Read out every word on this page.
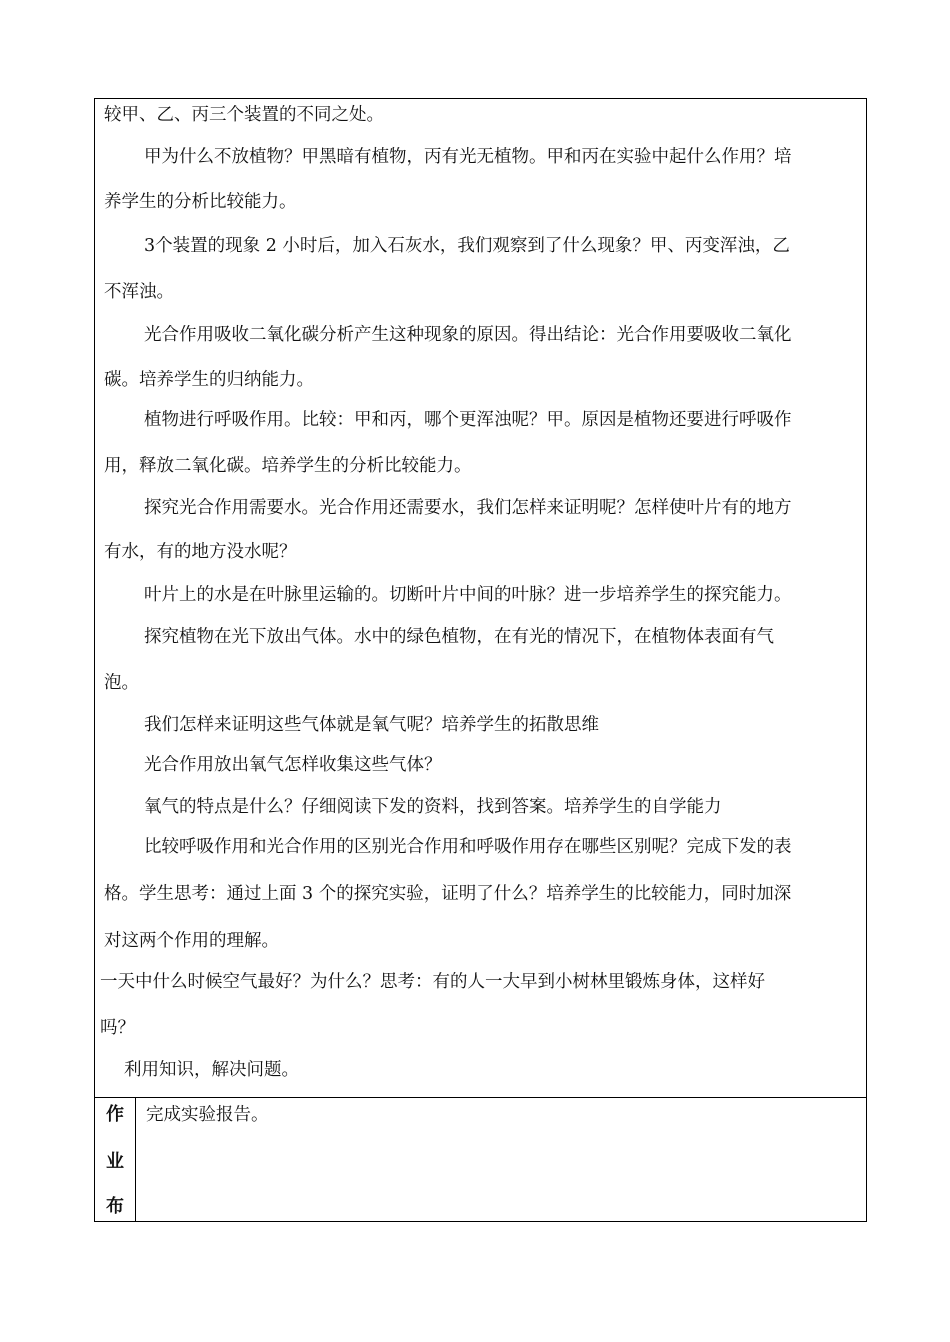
较甲、乙、丙三个装置的不同之处。
甲为什么不放植物？甲黑暗有植物，丙有光无植物。甲和丙在实验中起什么作用？培
养学生的分析比较能力。
3个装置的现象 2 小时后，加入石灰水，我们观察到了什么现象？甲、丙变浑浊，乙
不浑浊。
光合作用吸收二氧化碳分析产生这种现象的原因。得出结论：光合作用要吸收二氧化
碳。培养学生的归纳能力。
植物进行呼吸作用。比较：甲和丙，哪个更浑浊呢？甲。原因是植物还要进行呼吸作
用，释放二氧化碳。培养学生的分析比较能力。
探究光合作用需要水。光合作用还需要水，我们怎样来证明呢？怎样使叶片有的地方
有水，有的地方没水呢？
叶片上的水是在叶脉里运输的。切断叶片中间的叶脉？进一步培养学生的探究能力。
探究植物在光下放出气体。水中的绿色植物，在有光的情况下，在植物体表面有气
泡。
我们怎样来证明这些气体就是氧气呢？培养学生的拓散思维
光合作用放出氧气怎样收集这些气体？
氧气的特点是什么？仔细阅读下发的资料，找到答案。培养学生的自学能力
比较呼吸作用和光合作用的区别光合作用和呼吸作用存在哪些区别呢？完成下发的表
格。学生思考：通过上面 3 个的探究实验，证明了什么？培养学生的比较能力，同时加深
对这两个作用的理解。
一天中什么时候空气最好？为什么？思考：有的人一大早到小树林里锻炼身体，这样好
吗？
利用知识，解决问题。
作
业
布
完成实验报告。
